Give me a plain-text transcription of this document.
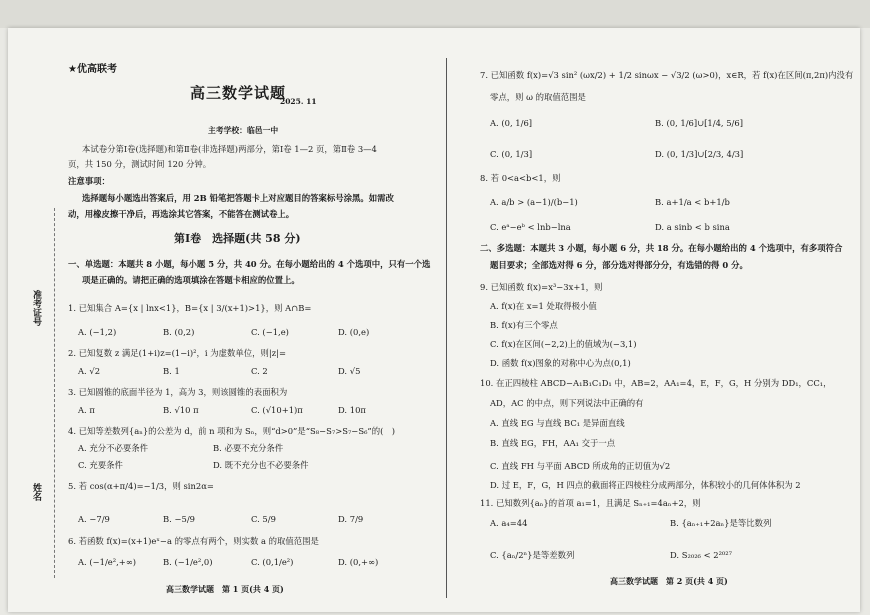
准考证号
姓名
★优高联考
高三数学试题
2025. 11
主考学校：临邑一中
本试卷分第Ⅰ卷(选择题)和第Ⅱ卷(非选择题)两部分，第Ⅰ卷 1—2 页，第Ⅱ卷 3—4
页，共 150 分，测试时间 120 分钟。
注意事项：
选择题每小题选出答案后，用 2B 铅笔把答题卡上对应题目的答案标号涂黑。如需改
动，用橡皮擦干净后，再选涂其它答案，不能答在测试卷上。
第Ⅰ卷　选择题(共 58 分)
一、单选题：本题共 8 小题，每小题 5 分，共 40 分。在每小题给出的 4 个选项中，只有一个选
项是正确的。请把正确的选项填涂在答题卡相应的位置上。
1. 已知集合 A={x | lnx<1}，B={x | 3/(x+1)>1}，则 A∩B=
A. (−1,2)	B. (0,2)	C. (−1,e)	D. (0,e)
2. 已知复数 z 满足(1+i)z=(1−i)²，i 为虚数单位，则|z|=
A. √2	B. 1	C. 2	D. √5
3. 已知圆锥的底面半径为 1，高为 3，则该圆锥的表面积为
A. π	B. √10 π	C. (√10+1)π	D. 10π
4. 已知等差数列{aₙ}的公差为 d，前 n 项和为 Sₙ，则“d>0”是“S₈−S₇>S₇−S₆”的(　)
A. 充分不必要条件	B. 必要不充分条件
C. 充要条件	D. 既不充分也不必要条件
5. 若 cos(α+π/4)=−1/3，则 sin2α=
A. −7/9	B. −5/9	C. 5/9	D. 7/9
6. 若函数 f(x)=(x+1)eˣ−a 的零点有两个，则实数 a 的取值范围是
A. (−1/e²,+∞)	B. (−1/e²,0)	C. (0,1/e²)	D. (0,+∞)
高三数学试题　第 1 页(共 4 页)
7. 已知函数 f(x)=√3 sin² (ωx/2) + 1/2 sinωx − √3/2 (ω>0)，x∈R，若 f(x)在区间(π,2π)内没有
零点，则 ω 的取值范围是
A. (0, 1/6]	B. (0, 1/6]∪[1/4, 5/6]
C. (0, 1/3]	D. (0, 1/3]∪[2/3, 4/3]
8. 若 0<a<b<1，则
A. a/b > (a−1)/(b−1)	B. a+1/a < b+1/b
C. eᵃ−eᵇ < lnb−lna	D. a sinb < b sina
二、多选题：本题共 3 小题，每小题 6 分，共 18 分。在每小题给出的 4 个选项中，有多项符合
题目要求；全部选对得 6 分，部分选对得部分分，有选错的得 0 分。
9. 已知函数 f(x)=x³−3x+1，则
A. f(x)在 x=1 处取得极小值
B. f(x)有三个零点
C. f(x)在区间(−2,2)上的值域为(−3,1)
D. 函数 f(x)图象的对称中心为点(0,1)
10. 在正四棱柱 ABCD−A₁B₁C₁D₁ 中，AB=2，AA₁=4，E，F，G，H 分别为 DD₁，CC₁，
AD，AC 的中点，则下列说法中正确的有
A. 直线 EG 与直线 BC₁ 是异面直线
B. 直线 EG，FH，AA₁ 交于一点
C. 直线 FH 与平面 ABCD 所成角的正切值为√2
D. 过 E，F，G，H 四点的截面将正四棱柱分成两部分，体积较小的几何体体积为 2
11. 已知数列{aₙ}的首项 a₁=1，且满足 Sₙ₊₁=4aₙ+2，则
A. a₄=44	B. {aₙ₊₁+2aₙ}是等比数列
C. {aₙ/2ⁿ}是等差数列	D. S₂₀₂₆ < 2²⁰²⁷
高三数学试题　第 2 页(共 4 页)
